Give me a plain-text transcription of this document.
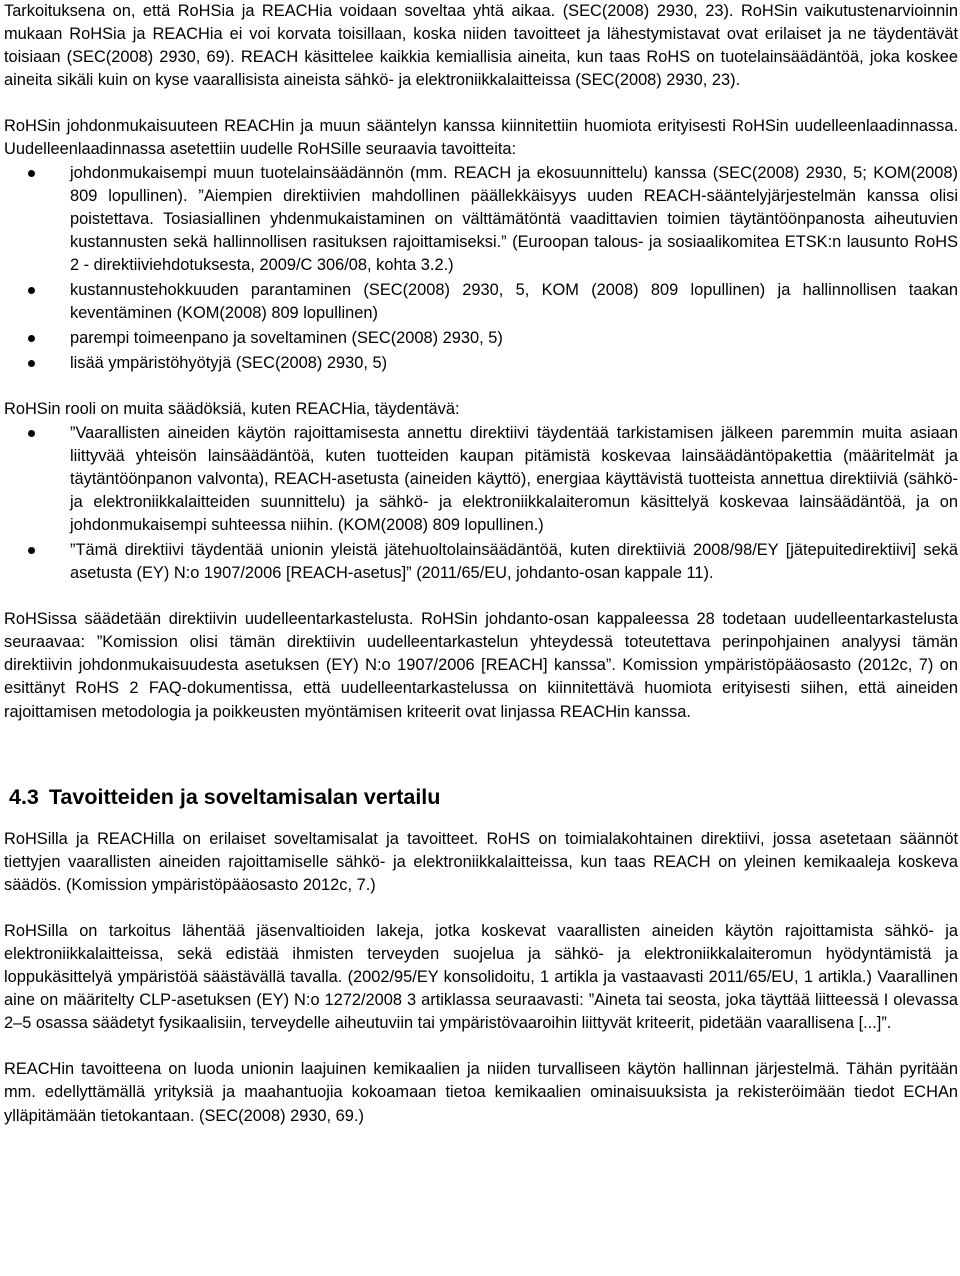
Tarkoituksena on, että RoHSia ja REACHia voidaan soveltaa yhtä aikaa. (SEC(2008) 2930, 23). RoHSin vaikutustenarvioinnin mukaan RoHSia ja REACHia ei voi korvata toisillaan, koska niiden tavoitteet ja lähestymistavat ovat erilaiset ja ne täydentävät toisiaan (SEC(2008) 2930, 69). REACH käsittelee kaikkia kemiallisia aineita, kun taas RoHS on tuotelainsäädäntöä, joka koskee aineita sikäli kuin on kyse vaarallisista aineista sähkö- ja elektroniikkalaitteissa (SEC(2008) 2930, 23).

RoHSin johdonmukaisuuteen REACHin ja muun sääntelyn kanssa kiinnitettiin huomiota erityisesti RoHSin uudelleenlaadinnassa. Uudelleenlaadinnassa asetettiin uudelle RoHSille seuraavia tavoitteita:

johdonmukaisempi muun tuotelainsäädännön (mm. REACH ja ekosuunnittelu) kanssa (SEC(2008) 2930, 5; KOM(2008) 809 lopullinen). ”Aiempien direktiivien mahdollinen päällekkäisyys uuden REACH-sääntelyjärjestelmän kanssa olisi poistettava. Tosiasiallinen yhdenmukaistaminen on välttämätöntä vaadittavien toimien täytäntöönpanosta aiheutuvien kustannusten sekä hallinnollisen rasituksen rajoittamiseksi.” (Euroopan talous- ja sosiaalikomitea ETSK:n lausunto RoHS 2 - direktiiviehdotuksesta, 2009/C 306/08, kohta 3.2.)
kustannustehokkuuden parantaminen (SEC(2008) 2930, 5, KOM (2008) 809 lopullinen) ja hallinnollisen taakan keventäminen (KOM(2008) 809 lopullinen)
parempi toimeenpano ja soveltaminen (SEC(2008) 2930, 5)
lisää ympäristöhyötyjä (SEC(2008) 2930, 5)

RoHSin rooli on muita säädöksiä, kuten REACHia, täydentävä:

”Vaarallisten aineiden käytön rajoittamisesta annettu direktiivi täydentää tarkistamisen jälkeen paremmin muita asiaan liittyvää yhteisön lainsäädäntöä, kuten tuotteiden kaupan pitämistä koskevaa lainsäädäntöpakettia (määritelmät ja täytäntöönpanon valvonta), REACH-asetusta (aineiden käyttö), energiaa käyttävistä tuotteista annettua direktiiviä (sähkö- ja elektroniikkalaitteiden suunnittelu) ja sähkö- ja elektroniikkalaiteromun käsittelyä koskevaa lainsäädäntöä, ja on johdonmukaisempi suhteessa niihin. (KOM(2008) 809 lopullinen.)
”Tämä direktiivi täydentää unionin yleistä jätehuoltolainsäädäntöä, kuten direktiiviä 2008/98/EY [jätepuitedirektiivi] sekä asetusta (EY) N:o 1907/2006 [REACH-asetus]” (2011/65/EU, johdanto-osan kappale 11).

RoHSissa säädetään direktiivin uudelleentarkastelusta. RoHSin johdanto-osan kappaleessa 28 todetaan uudelleentarkastelusta seuraavaa: ”Komission olisi tämän direktiivin uudelleentarkastelun yhteydessä toteutettava perinpohjainen analyysi tämän direktiivin johdonmukaisuudesta asetuksen (EY) N:o 1907/2006 [REACH] kanssa”. Komission ympäristöpääosasto (2012c, 7) on esittänyt RoHS 2 FAQ-dokumentissa, että uudelleentarkastelussa on kiinnitettävä huomiota erityisesti siihen, että aineiden rajoittamisen metodologia ja poikkeusten myöntämisen kriteerit ovat linjassa REACHin kanssa.

4.3 Tavoitteiden ja soveltamisalan vertailu

RoHSilla ja REACHilla on erilaiset soveltamisalat ja tavoitteet. RoHS on toimialakohtainen direktiivi, jossa asetetaan säännöt tiettyjen vaarallisten aineiden rajoittamiselle sähkö- ja elektroniikkalaitteissa, kun taas REACH on yleinen kemikaaleja koskeva säädös. (Komission ympäristöpääosasto 2012c, 7.)

RoHSilla on tarkoitus lähentää jäsenvaltioiden lakeja, jotka koskevat vaarallisten aineiden käytön rajoittamista sähkö- ja elektroniikkalaitteissa, sekä edistää ihmisten terveyden suojelua ja sähkö- ja elektroniikkalaiteromun hyödyntämistä ja loppukäsittelyä ympäristöä säästävällä tavalla. (2002/95/EY konsolidoitu, 1 artikla ja vastaavasti 2011/65/EU, 1 artikla.) Vaarallinen aine on määritelty CLP-asetuksen (EY) N:o 1272/2008 3 artiklassa seuraavasti: ”Aineta tai seosta, joka täyttää liitteessä I olevassa 2–5 osassa säädetyt fysikaalisiin, terveydelle aiheutuviin tai ympäristövaaroihin liittyvät kriteerit, pidetään vaarallisena [...]”.

REACHin tavoitteena on luoda unionin laajuinen kemikaalien ja niiden turvalliseen käytön hallinnan järjestelmä. Tähän pyritään mm. edellyttämällä yrityksiä ja maahantuojia kokoamaan tietoa kemikaalien ominaisuuksista ja rekisteröimään tiedot ECHAn ylläpitämään tietokantaan. (SEC(2008) 2930, 69.)
